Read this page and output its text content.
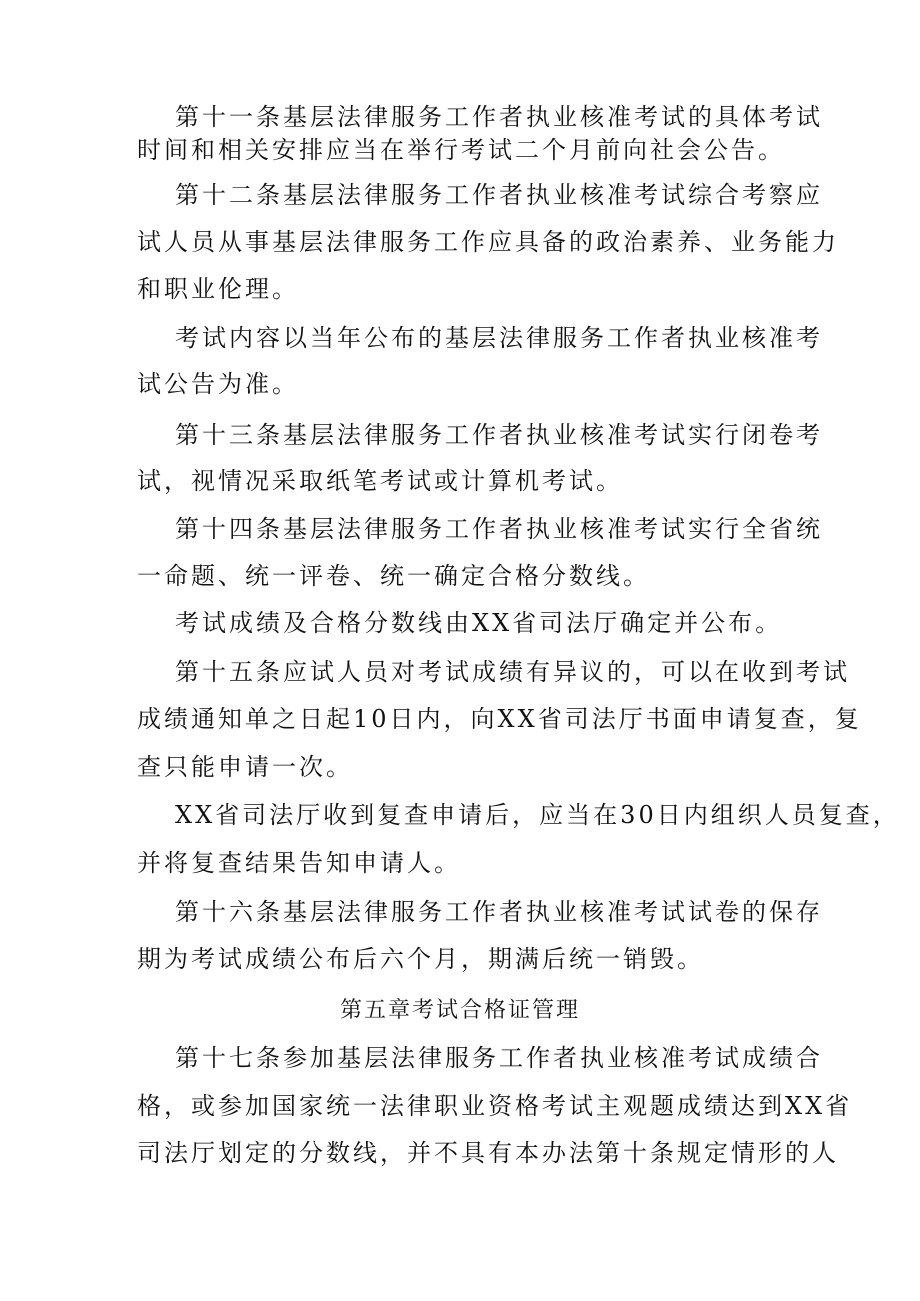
第十一条基层法律服务工作者执业核准考试的具体考试
时间和相关安排应当在举行考试二个月前向社会公告。
第十二条基层法律服务工作者执业核准考试综合考察应
试人员从事基层法律服务工作应具备的政治素养、业务能力
和职业伦理。
考试内容以当年公布的基层法律服务工作者执业核准考
试公告为准。
第十三条基层法律服务工作者执业核准考试实行闭卷考
试，视情况采取纸笔考试或计算机考试。
第十四条基层法律服务工作者执业核准考试实行全省统
一命题、统一评卷、统一确定合格分数线。
考试成绩及合格分数线由XX省司法厅确定并公布。
第十五条应试人员对考试成绩有异议的，可以在收到考试
成绩通知单之日起10日内，向XX省司法厅书面申请复查，复
查只能申请一次。
XX省司法厅收到复查申请后，应当在30日内组织人员复查，
并将复查结果告知申请人。
第十六条基层法律服务工作者执业核准考试试卷的保存
期为考试成绩公布后六个月，期满后统一销毁。
第五章考试合格证管理
第十七条参加基层法律服务工作者执业核准考试成绩合
格，或参加国家统一法律职业资格考试主观题成绩达到XX省
司法厅划定的分数线，并不具有本办法第十条规定情形的人
